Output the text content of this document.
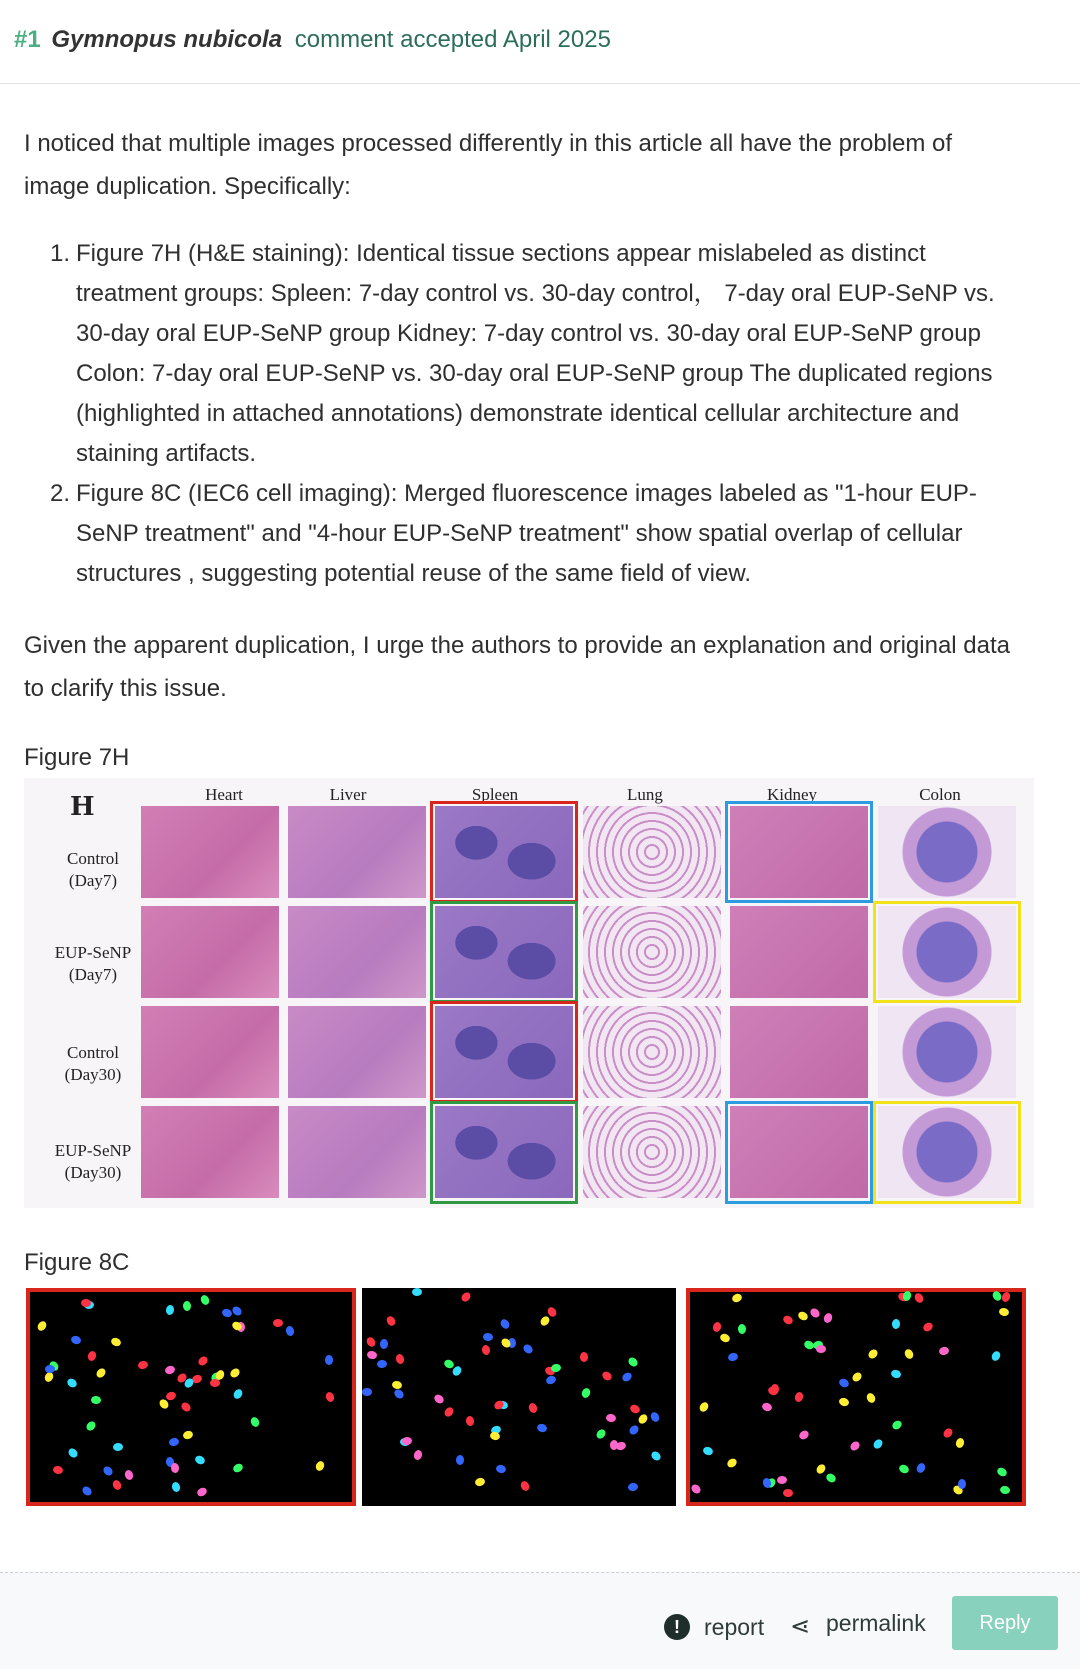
#1 Gymnopus nubicola comment accepted April 2025

I noticed that multiple images processed differently in this article all have the problem of image duplication. Specifically:

1. Figure 7H (H&E staining): Identical tissue sections appear mislabeled as distinct treatment groups: Spleen: 7-day control vs. 30-day control， 7-day oral EUP-SeNP vs. 30-day oral EUP-SeNP group Kidney: 7-day control vs. 30-day oral EUP-SeNP group Colon: 7-day oral EUP-SeNP vs. 30-day oral EUP-SeNP group The duplicated regions (highlighted in attached annotations) demonstrate identical cellular architecture and staining artifacts.
2. Figure 8C (IEC6 cell imaging): Merged fluorescence images labeled as "1-hour EUP-SeNP treatment" and "4-hour EUP-SeNP treatment" show spatial overlap of cellular structures , suggesting potential reuse of the same field of view.

Given the apparent duplication, I urge the authors to provide an explanation and original data to clarify this issue.

Figure 7H
H	Heart	Liver	Spleen	Lung	Kidney	Colon
Control
(Day7)
EUP-SeNP
(Day7)
Control
(Day30)
EUP-SeNP
(Day30)
Figure 8C
!	report ⋖ permalink	Reply
